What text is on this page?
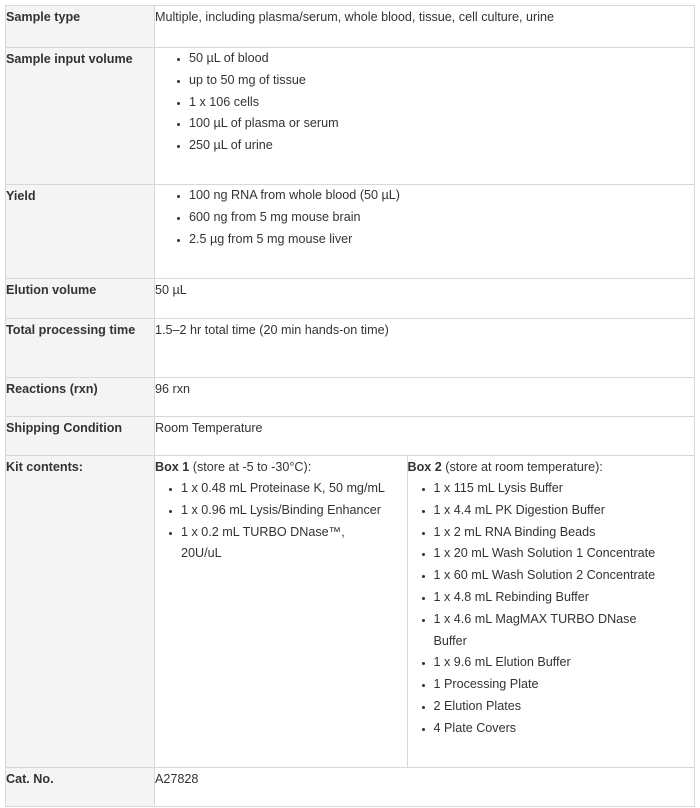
Sample type	Multiple, including plasma/serum, whole blood, tissue, cell culture, urine
Sample input volume	
•50 µL of blood
• up to 50 mg of tissue
• 1 x 106 cells
• 100 µL of plasma or serum
• 250 µL of urine

Yield	
•100 ng RNA from whole blood (50 µL)
• 600 ng from 5 mg mouse brain
• 2.5 µg from 5 mg mouse liver

Elution volume	50 µL
Total processing time	1.5–2 hr total time (20 min hands-on time)
Reactions (rxn)	96 rxn
Shipping Condition	Room Temperature
Kit contents:		Box 1 (store at -5 to -30°C):
• 1 x 0.48 mL Proteinase K, 50 mg/mL
• 1 x 0.96 mL Lysis/Binding Enhancer
• 1 x 0.2 mL TURBO DNase™, 20U/uL

Box 2 (store at room temperature):
• 1 x 115 mL Lysis Buffer
• 1 x 4.4 mL PK Digestion Buffer
• 1 x 2 mL RNA Binding Beads
• 1 x 20 mL Wash Solution 1 Concentrate
• 1 x 60 mL Wash Solution 2 Concentrate
• 1 x 4.8 mL Rebinding Buffer
• 1 x 4.6 mL MagMAX TURBO DNase Buffer
• 1 x 9.6 mL Elution Buffer
• 1 Processing Plate
• 2 Elution Plates
• 4 Plate Covers

Cat. No.	A27828
